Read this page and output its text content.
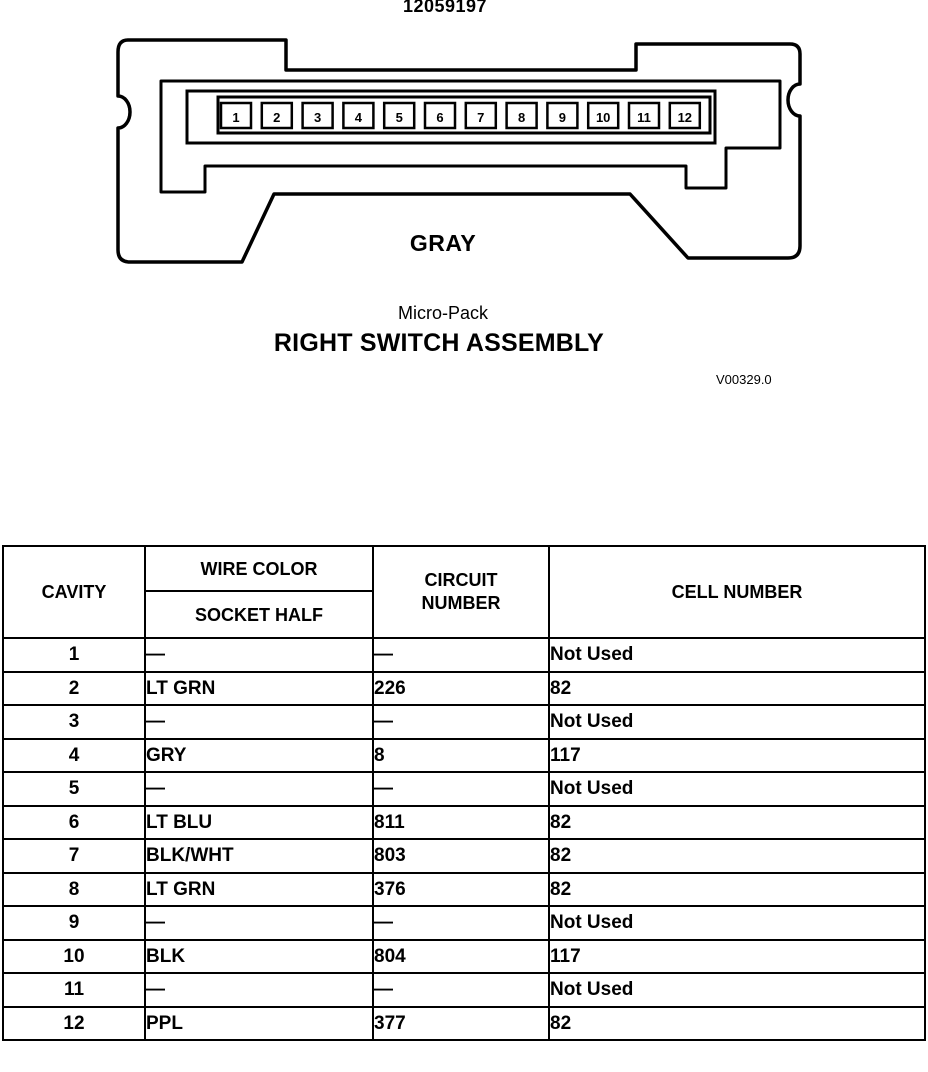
12059197
1	2	3	4	5	6	7	8	9 10 11 12
GRAY
Micro-Pack
RIGHT SWITCH ASSEMBLY
V00329.0
CAVITY	WIRE COLOR	CIRCUIT NUMBER	CELL NUMBER
	SOCKET HALF		
1	—	—	Not Used
2	LT GRN	226	82
3	—	—	Not Used
4	GRY	8	117
5	—	—	Not Used
6	LT BLU	811	82
7	BLK/WHT	803	82
8	LT GRN	376	82
9	—	—	Not Used
10	BLK	804	117
11	—	—	Not Used
12	PPL	377	82
